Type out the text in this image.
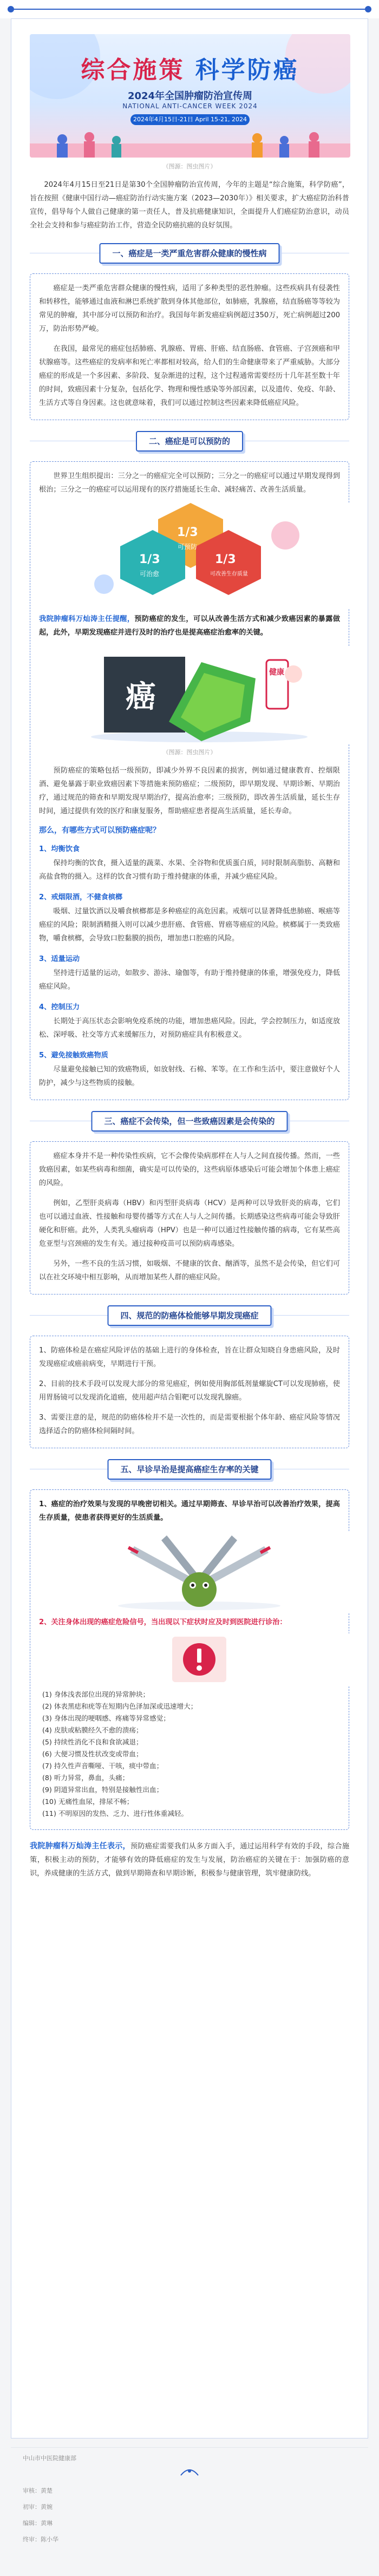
综合施策 科学防癌
2024年全国肿瘤防治宣传周
NATIONAL ANTI-CANCER WEEK 2024
2024年4月15日-21日 April 15-21, 2024
（图源：图虫图片）

2024年4月15日至21日是第30个全国肿瘤防治宣传周，今年的主题是“综合施策，科学防癌”，旨在按照《健康中国行动—癌症防治行动实施方案（2023—2030年）》相关要求，扩大癌症防治科普宣传，倡导每个人做自己健康的第一责任人，普及抗癌健康知识，全面提升人们癌症防治意识，动员全社会支持和参与癌症防治工作，营造全民防癌抗癌的良好氛围。

一、癌症是一类严重危害群众健康的慢性病

癌症是一类严重危害群众健康的慢性病，适用了多种类型的恶性肿瘤。这些疾病具有侵袭性和转移性，能够通过血液和淋巴系统扩散到身体其他部位，如肺癌，乳腺癌，结直肠癌等等较为常见的肿瘤，其中部分可以预防和治疗。我国每年新发癌症病例超过350万，死亡病例超过200万，防治形势严峻。

在我国，最常见的癌症包括肺癌、乳腺癌、胃癌、肝癌、结直肠癌、食管癌、子宫颈癌和甲状腺癌等。这些癌症的发病率和死亡率都相对较高，给人们的生命健康带来了严重威胁。大部分癌症的形成是一个多因素、多阶段、复杂渐进的过程，这个过程通常需要经历十几年甚至数十年的时间，致癌因素十分复杂，包括化学、物理和慢性感染等外部因素，以及遗传、免疫、年龄、生活方式等自身因素。这也就意味着，我们可以通过控制这些因素来降低癌症风险。

二、癌症是可以预防的

世界卫生组织提出：三分之一的癌症完全可以预防；三分之一的癌症可以通过早期发现得到根治；三分之一的癌症可以运用现有的医疗措施延长生命、减轻痛苦、改善生活质量。

1/3
1/3	1/3
可预防
可治愈	可改善生存质量

我院肿瘤科万灿涛主任提醒，预防癌症的发生，可以从改善生活方式和减少致癌因素的暴露做起，此外，早期发现癌症并进行及时的治疗也是提高癌症治愈率的关键。

癌
健康
（图源：图虫图片）

预防癌症的策略包括一级预防，即减少外界不良因素的损害，例如通过健康教育、控烟限酒、避免暴露于职业致癌因素下等措施来预防癌症；二级预防，即早期发现、早期诊断、早期治疗，通过规范的筛查和早期发现早期治疗，提高治愈率；三级预防，即改善生活质量，延长生存时间，通过提供有效的医疗和康复服务，帮助癌症患者提高生活质量，延长寿命。

那么，有哪些方式可以预防癌症呢？
1、均衡饮食

保持均衡的饮食，摄入适量的蔬菜、水果、全谷物和优质蛋白质，同时限制高脂肪、高糖和高盐食物的摄入。这样的饮食习惯有助于维持健康的体重，并减少癌症风险。

2、戒烟限酒，不健食槟榔

吸烟、过量饮酒以及嚼食槟榔都是多种癌症的高危因素。戒烟可以显著降低患肺癌、喉癌等癌症的风险；限制酒精摄入则可以减少患肝癌、食管癌、胃癌等癌症的风险。槟榔属于一类致癌物，嚼食槟榔，会导致口腔黏膜的损伤，增加患口腔癌的风险。

3、适量运动

坚持进行适量的运动，如散步、游泳、瑜伽等，有助于维持健康的体重，增强免疫力，降低癌症风险。

4、控制压力

长期处于高压状态会影响免疫系统的功能，增加患癌风险。因此，学会控制压力，如适度放松、深呼吸、社交等方式来缓解压力，对预防癌症具有积极意义。

5、避免接触致癌物质

尽量避免接触已知的致癌物质，如放射线、石棉、苯等。在工作和生活中，要注意做好个人防护，减少与这些物质的接触。

三、癌症不会传染，但一些致癌因素是会传染的

癌症本身并不是一种传染性疾病，它不会像传染病那样在人与人之间直接传播。然而，一些致癌因素，如某些病毒和细菌，确实是可以传染的，这些病原体感染后可能会增加个体患上癌症的风险。

例如，乙型肝炎病毒（HBV）和丙型肝炎病毒（HCV）是两种可以导致肝炎的病毒，它们也可以通过血液、性接触和母婴传播等方式在人与人之间传播。长期感染这些病毒可能会导致肝硬化和肝癌。此外，人类乳头瘤病毒（HPV）也是一种可以通过性接触传播的病毒，它有某些高危亚型与宫颈癌的发生有关。通过接种疫苗可以预防病毒感染。

另外，一些不良的生活习惯，如吸烟、不健康的饮食、酗酒等，虽然不是会传染，但它们可以在社交环境中相互影响，从而增加某些人群的癌症风险。

四、规范的防癌体检能够早期发现癌症

1、防癌体检是在癌症风险评估的基础上进行的身体检查，旨在让群众知晓自身患癌风险，及时发现癌症或癌前病变，早期进行干预。

2、目前的技术手段可以发现大部分的常见癌症，例如使用胸部低剂量螺旋CT可以发现肺癌，使用胃肠镜可以发现消化道癌，使用超声结合钼靶可以发现乳腺癌。

3、需要注意的是，规范的防癌体检并不是一次性的，而是需要根据个体年龄、癌症风险等情况选择适合的防癌体检间隔时间。

五、早诊早治是提高癌症生存率的关键

1、癌症的治疗效果与发现的早晚密切相关。通过早期筛查、早诊早治可以改善治疗效果，提高生存质量，使患者获得更好的生活质量。

2、关注身体出现的癌症危险信号，当出现以下症状时应及时到医院进行诊治：

(1) 身体浅表部位出现的异常肿块；
(2) 体表黑痣和疣等在短期内色泽加深或迅速增大；
(3) 身体出现的哽咽感、疼痛等异常感觉；
(4) 皮肤或粘膜经久不愈的溃疡；
(5) 持续性消化不良和食欲减退；
(6) 大便习惯及性状改变或带血；
(7) 持久性声音嘶哑、干咳，痰中带血；
(8) 听力异常，鼻血，头痛；
(9) 阴道异常出血，特别是接触性出血；
(10) 无痛性血尿，排尿不畅；
(11) 不明原因的发热、乏力、进行性体重减轻。

我院肿瘤科万灿涛主任表示，预防癌症需要我们从多方面入手，通过运用科学有效的手段，综合施策，积极主动的预防，才能够有效的降低癌症的发生与发展，防治癌症的关键在于：加强防癌的意识，养成健康的生活方式，做到早期筛查和早期诊断，积极参与健康管理，筑牢健康防线。

中山市中医院健康部
审核：黄楚
初审：黄婉
编辑：黄琳
终审：陈小华
